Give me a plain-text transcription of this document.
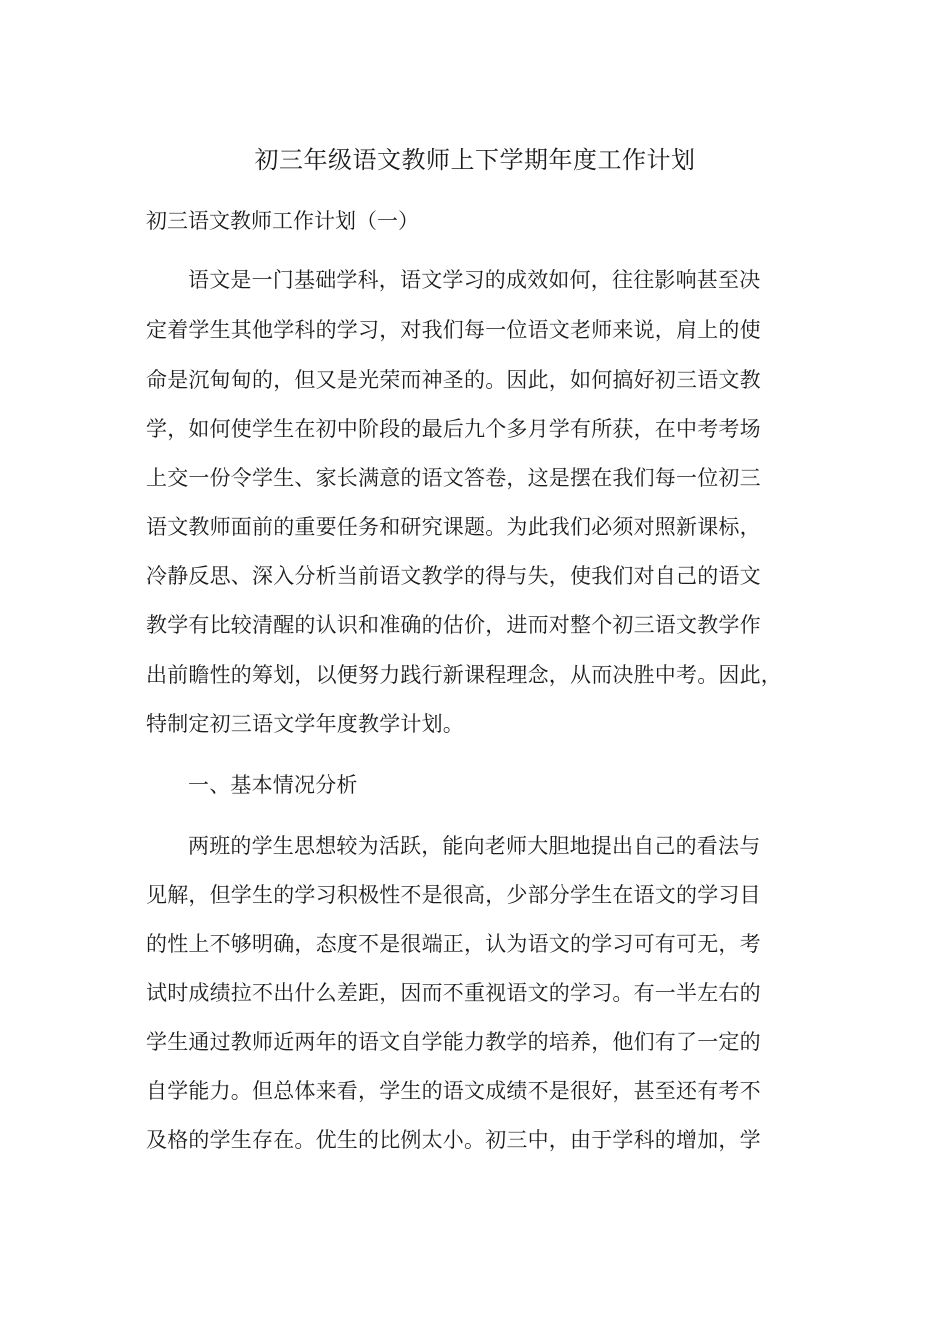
初三年级语文教师上下学期年度工作计划
初三语文教师工作计划（一）
语文是一门基础学科，语文学习的成效如何，往往影响甚至决
定着学生其他学科的学习，对我们每一位语文老师来说，肩上的使
命是沉甸甸的，但又是光荣而神圣的。因此，如何搞好初三语文教
学，如何使学生在初中阶段的最后九个多月学有所获，在中考考场
上交一份令学生、家长满意的语文答卷，这是摆在我们每一位初三
语文教师面前的重要任务和研究课题。为此我们必须对照新课标，
冷静反思、深入分析当前语文教学的得与失，使我们对自己的语文
教学有比较清醒的认识和准确的估价，进而对整个初三语文教学作
出前瞻性的筹划，以便努力践行新课程理念，从而决胜中考。因此，
特制定初三语文学年度教学计划。
一、基本情况分析
两班的学生思想较为活跃，能向老师大胆地提出自己的看法与
见解，但学生的学习积极性不是很高，少部分学生在语文的学习目
的性上不够明确，态度不是很端正，认为语文的学习可有可无，考
试时成绩拉不出什么差距，因而不重视语文的学习。有一半左右的
学生通过教师近两年的语文自学能力教学的培养，他们有了一定的
自学能力。但总体来看，学生的语文成绩不是很好，甚至还有考不
及格的学生存在。优生的比例太小。初三中，由于学科的增加，学
